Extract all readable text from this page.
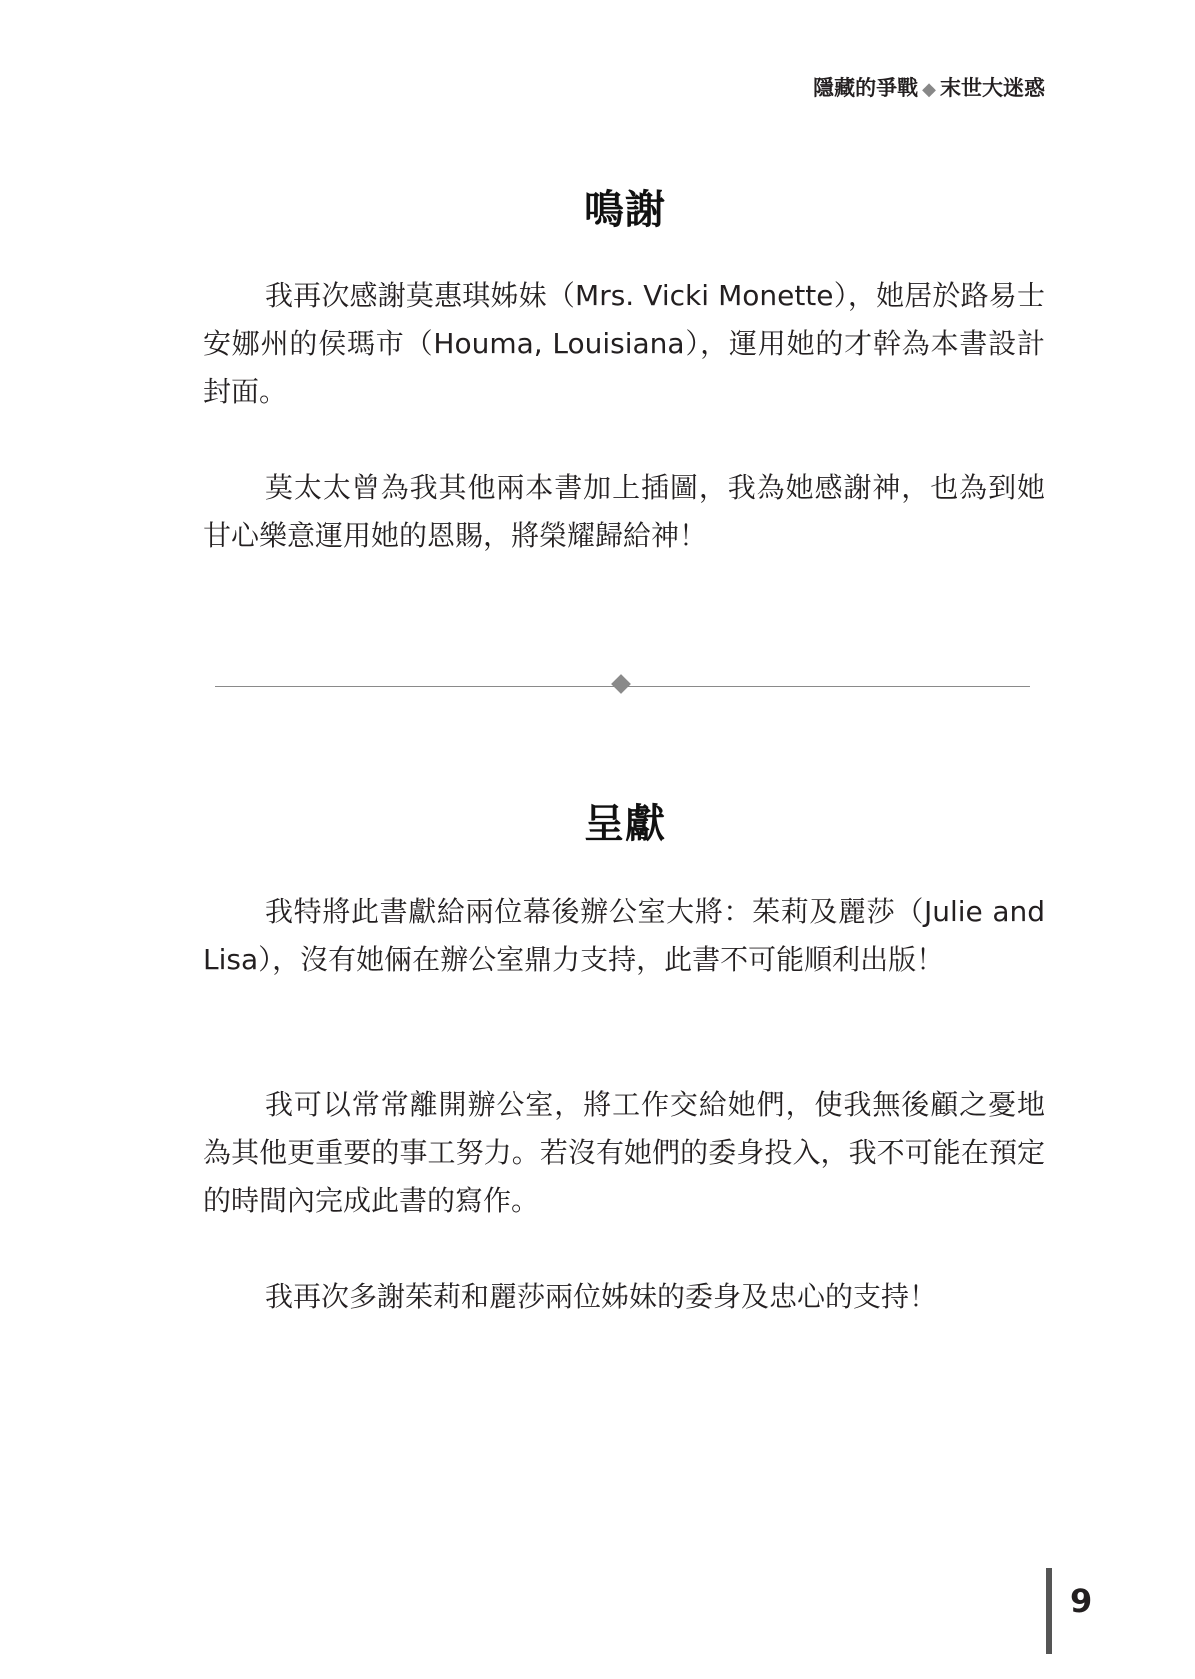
隱藏的爭戰 ◆ 末世大迷惑
鳴謝

我再次感謝莫惠琪姊妹（Mrs. Vicki Monette），她居於路易士安娜州的侯瑪市（Houma, Louisiana），運用她的才幹為本書設計封面。

莫太太曾為我其他兩本書加上插圖，我為她感謝神，也為到她甘心樂意運用她的恩賜，將榮耀歸給神！

呈獻

我特將此書獻給兩位幕後辦公室大將：茱莉及麗莎（Julie and Lisa），沒有她倆在辦公室鼎力支持，此書不可能順利出版！

我可以常常離開辦公室，將工作交給她們，使我無後顧之憂地為其他更重要的事工努力。若沒有她們的委身投入，我不可能在預定的時間內完成此書的寫作。

我再次多謝茱莉和麗莎兩位姊妹的委身及忠心的支持！

9
